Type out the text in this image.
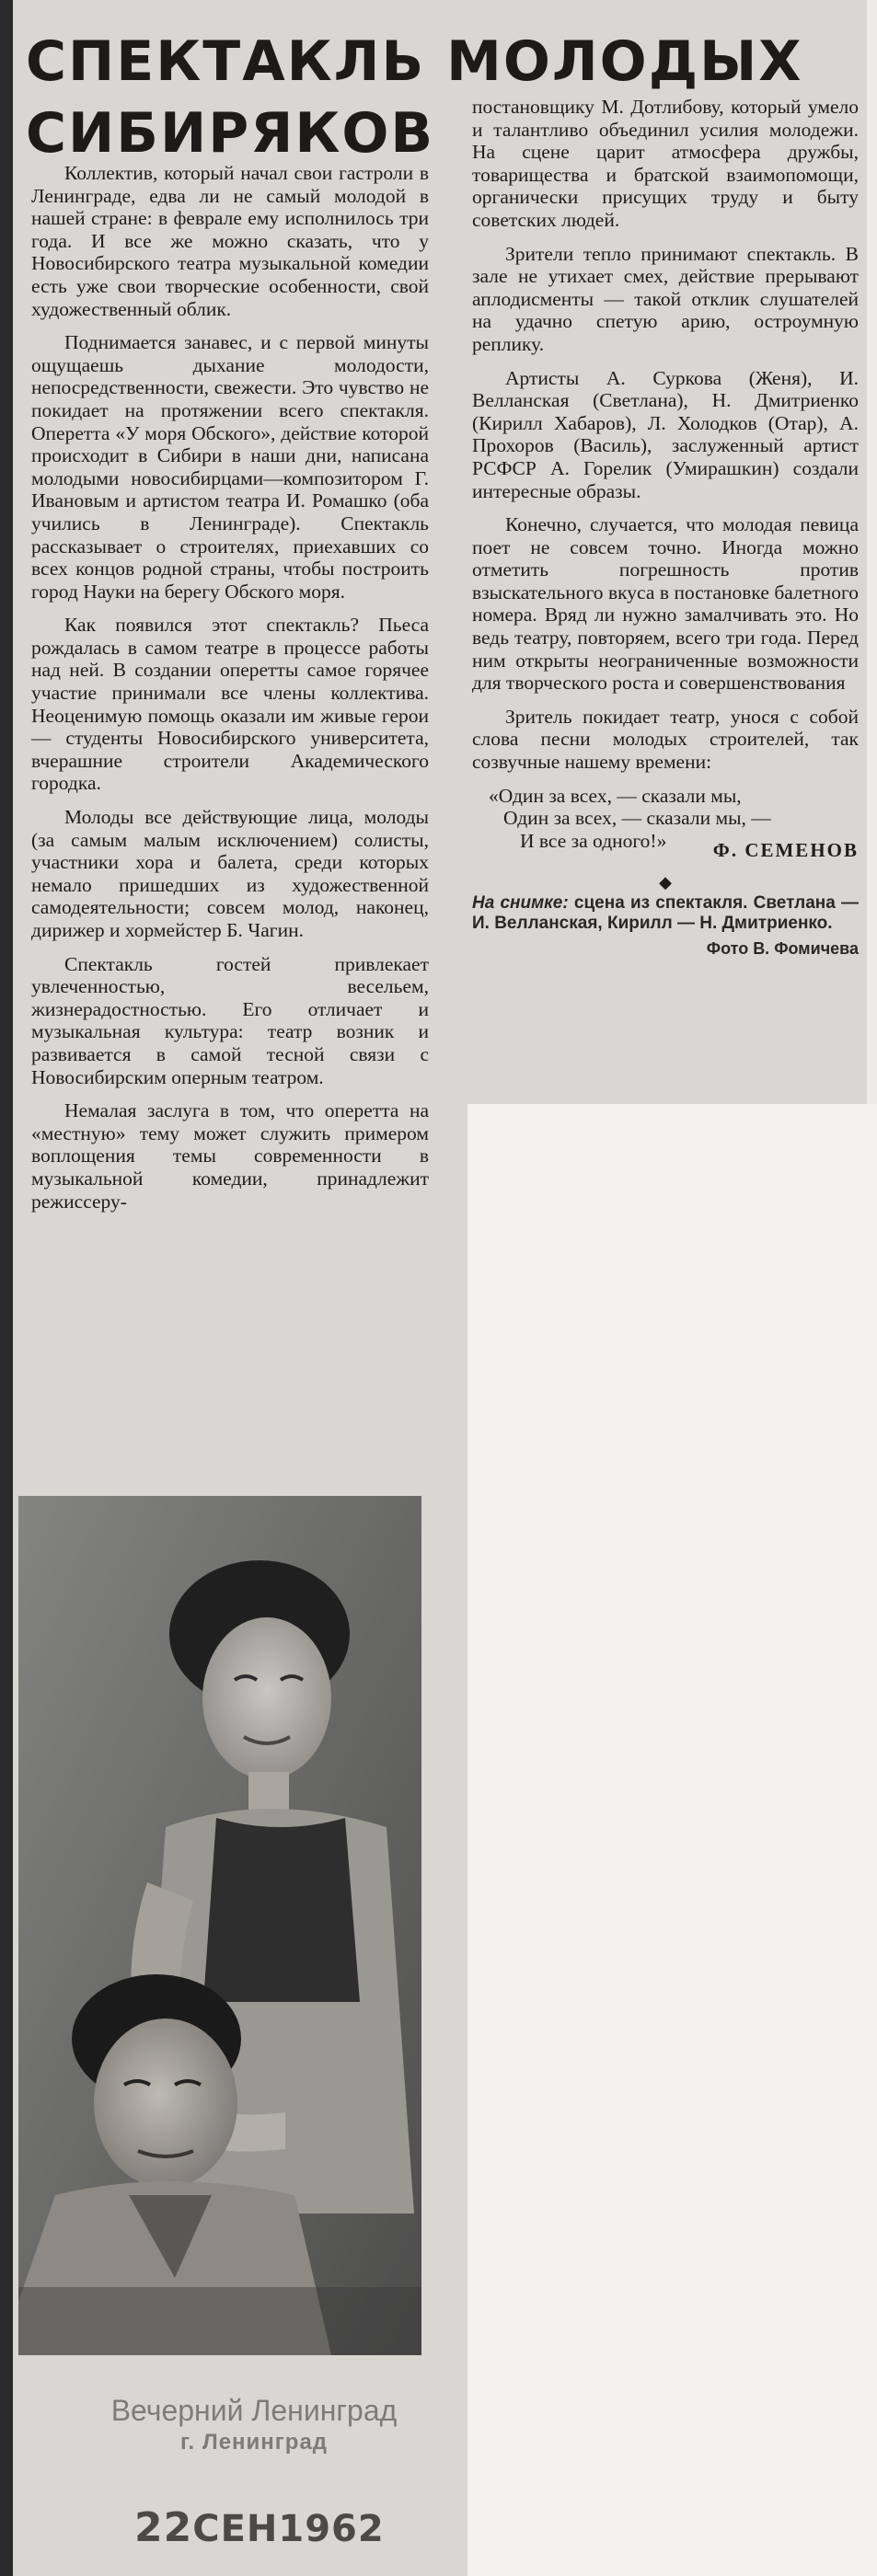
СПЕКТАКЛЬ МОЛОДЫХ СИБИРЯКОВ

Коллектив, который начал свои гастроли в Ленинграде, едва ли не самый молодой в нашей стране: в феврале ему исполнилось три года. И все же можно сказать, что у Новосибирского театра музыкальной комедии есть уже свои творческие особенности, свой художественный облик.

Поднимается занавес, и с первой минуты ощущаешь дыхание молодости, непосредственности, свежести. Это чувство не покидает на протяжении всего спектакля. Оперетта «У моря Обского», действие которой происходит в Сибири в наши дни, написана молодыми новосибирцами—композитором Г. Ивановым и артистом театра И. Ромашко (оба учились в Ленинграде). Спектакль рассказывает о строителях, приехавших со всех концов родной страны, чтобы построить город Науки на берегу Обского моря.

Как появился этот спектакль? Пьеса рождалась в самом театре в процессе работы над ней. В создании оперетты самое горячее участие принимали все члены коллектива. Неоценимую помощь оказали им живые герои — студенты Новосибирского университета, вчерашние строители Академического городка.

Молоды все действующие лица, молоды (за самым малым исключением) солисты, участники хора и балета, среди которых немало пришедших из художественной самодеятельности; совсем молод, наконец, дирижер и хормейстер Б. Чагин.

Спектакль гостей привлекает увлеченностью, весельем, жизнерадостностью. Его отличает и музыкальная культура: театр возник и развивается в самой тесной связи с Новосибирским оперным театром.

Немалая заслуга в том, что оперетта на «местную» тему может служить примером воплощения темы современности в музыкальной комедии, принадлежит режиссеру-

постановщику М. Дотлибову, который умело и талантливо объединил усилия молодежи. На сцене царит атмосфера дружбы, товарищества и братской взаимопомощи, органически присущих труду и быту советских людей.

Зрители тепло принимают спектакль. В зале не утихает смех, действие прерывают аплодисменты — такой отклик слушателей на удачно спетую арию, остроумную реплику.

Артисты А. Суркова (Женя), И. Велланская (Светлана), Н. Дмитриенко (Кирилл Хабаров), Л. Холодков (Отар), А. Прохоров (Василь), заслуженный артист РСФСР А. Горелик (Умирашкин) создали интересные образы.

Конечно, случается, что молодая певица поет не совсем точно. Иногда можно отметить погрешность против взыскательного вкуса в постановке балетного номера. Вряд ли нужно замалчивать это. Но ведь театру, повторяем, всего три года. Перед ним открыты неограниченные возможности для творческого роста и совершенствования

Зритель покидает театр, унося с собой слова песни молодых строителей, так созвучные нашему времени:

«Один за всех, — сказали мы,
Один за всех, — сказали мы, —
И все за одного!»	Ф. СЕМЕНОВ
◆
На снимке: сцена из спектакля. Светлана — И. Велланская, Кирилл — Н. Дмитриенко.
Фото В. Фомичева
Вечерний Ленинград
г. Ленинград
22СЕН1962
